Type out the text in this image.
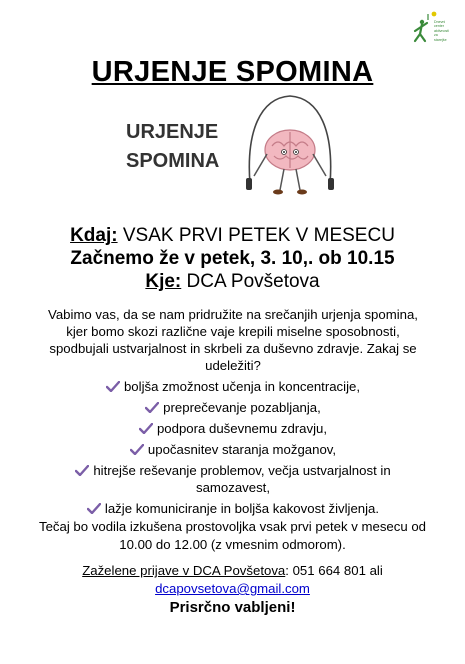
Dnevni
center
aktivnosti
za
starejše
URJENJE SPOMINA
URJENJE
SPOMINA
Kdaj: VSAK PRVI PETEK V MESECU
Začnemo že v petek, 3. 10,. ob 10.15
Kje: DCA Povšetova

Vabimo vas, da se nam pridružite na srečanjih urjenja spomina, kjer bomo skozi različne vaje krepili miselne sposobnosti, spodbujali ustvarjalnost in skrbeli za duševno zdravje. Zakaj se udeležiti?

boljša zmožnost učenja in koncentracije,
preprečevanje pozabljanja,
podpora duševnemu zdravju,
upočasnitev staranja možganov,
hitrejše reševanje problemov, večja ustvarjalnost in samozavest,
lažje komuniciranje in boljša kakovost življenja.

Tečaj bo vodila izkušena prostovoljka vsak prvi petek v mesecu od 10.00 do 12.00 (z vmesnim odmorom).

Zaželene prijave v DCA Povšetova: 051 664 801 ali

dcapovsetova@gmail.com

Prisrčno vabljeni!
